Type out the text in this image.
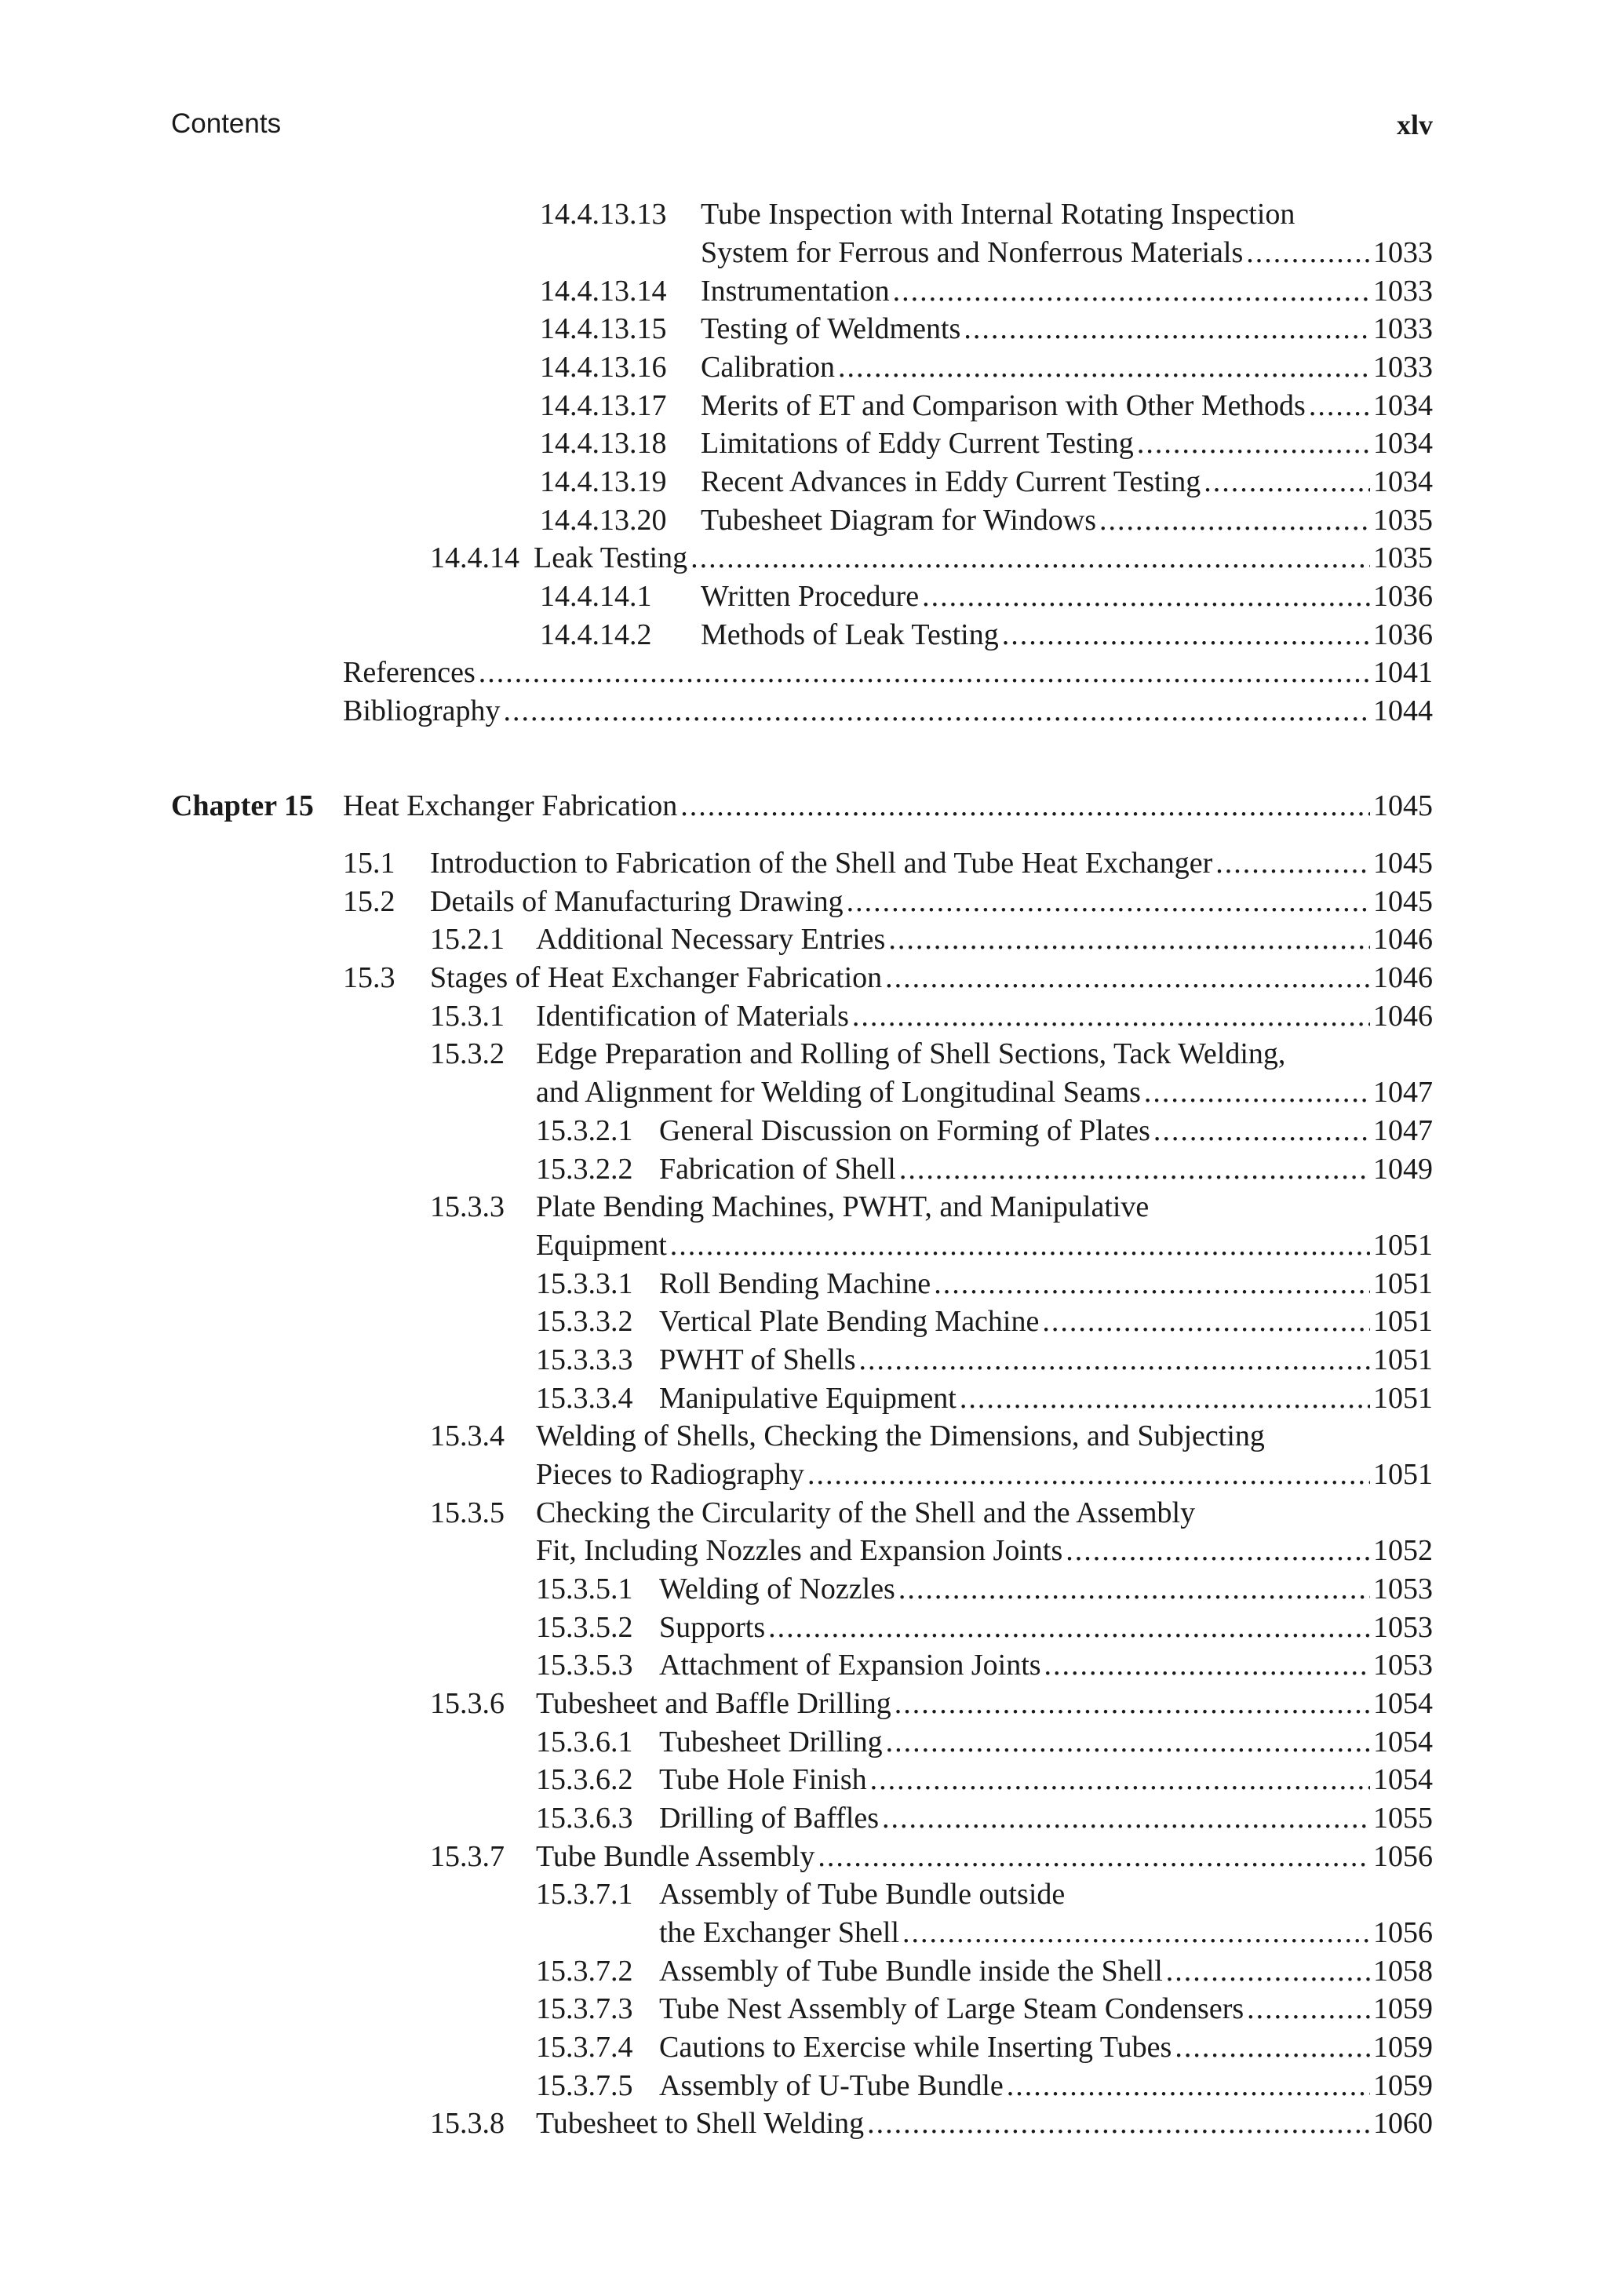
Contents	xlv
14.4.13.13 Tube Inspection with Internal Rotating Inspection
System for Ferrous and Nonferrous Materials .....	1033
14.4.13.14 Instrumentation .....	1033
14.4.13.15 Testing of Weldments .....	1033
14.4.13.16 Calibration .....	1033
14.4.13.17 Merits of ET and Comparison with Other Methods ..... 1034
14.4.13.18 Limitations of Eddy Current Testing .....	1034
14.4.13.19 Recent Advances in Eddy Current Testing .....	1034
14.4.13.20 Tubesheet Diagram for Windows .....	1035
14.4.14 Leak Testing .....	1035
14.4.14.1 Written Procedure .....	1036
14.4.14.2 Methods of Leak Testing .....	1036
References .....	1041
Bibliography .....	1044
Chapter 15 Heat Exchanger Fabrication .....	1045
15.1 Introduction to Fabrication of the Shell and Tube Heat Exchanger .....	1045
15.2 Details of Manufacturing Drawing .....	1045
15.2.1 Additional Necessary Entries .....	1046
15.3 Stages of Heat Exchanger Fabrication .....	1046
15.3.1 Identification of Materials .....	1046
15.3.2 Edge Preparation and Rolling of Shell Sections, Tack Welding,
and Alignment for Welding of Longitudinal Seams .....	1047
15.3.2.1 General Discussion on Forming of Plates .....	1047
15.3.2.2 Fabrication of Shell .....	1049
15.3.3 Plate Bending Machines, PWHT, and Manipulative
Equipment .....	1051
15.3.3.1 Roll Bending Machine .....	1051
15.3.3.2 Vertical Plate Bending Machine .....	1051
15.3.3.3 PWHT of Shells .....	1051
15.3.3.4 Manipulative Equipment .....	1051
15.3.4 Welding of Shells, Checking the Dimensions, and Subjecting
Pieces to Radiography .....	1051
15.3.5 Checking the Circularity of the Shell and the Assembly
Fit, Including Nozzles and Expansion Joints .....	1052
15.3.5.1 Welding of Nozzles .....	1053
15.3.5.2 Supports .....	1053
15.3.5.3 Attachment of Expansion Joints .....	1053
15.3.6 Tubesheet and Baffle Drilling .....	1054
15.3.6.1 Tubesheet Drilling .....	1054
15.3.6.2 Tube Hole Finish .....	1054
15.3.6.3 Drilling of Baffles .....	1055
15.3.7 Tube Bundle Assembly .....	1056
15.3.7.1 Assembly of Tube Bundle outside
the Exchanger Shell .....	1056
15.3.7.2 Assembly of Tube Bundle inside the Shell .....	1058
15.3.7.3 Tube Nest Assembly of Large Steam Condensers .....	1059
15.3.7.4 Cautions to Exercise while Inserting Tubes .....	1059
15.3.7.5 Assembly of U-Tube Bundle .....	1059
15.3.8 Tubesheet to Shell Welding .....	1060
